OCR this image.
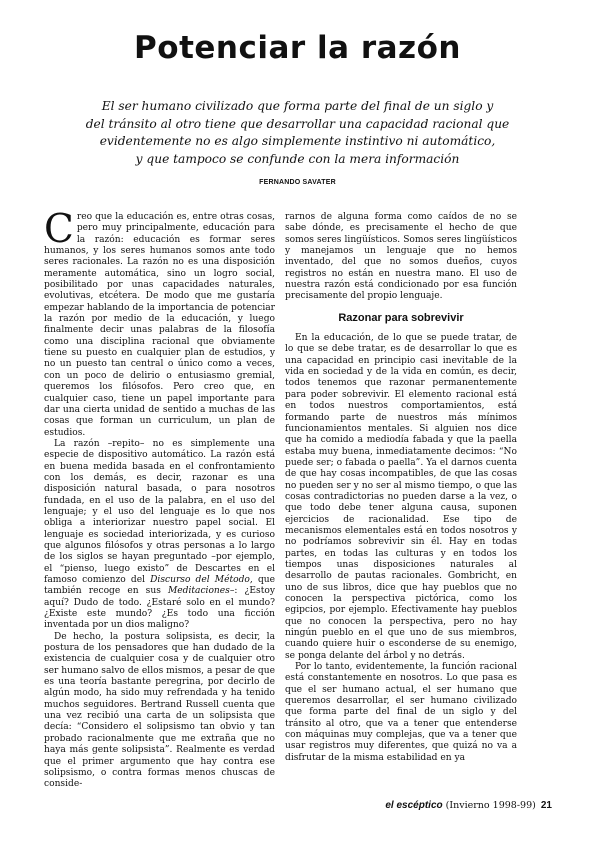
Potenciar la razón
El ser humano civilizado que forma parte del final de un siglo y
del tránsito al otro tiene que desarrollar una capacidad racional que
evidentemente no es algo simplemente instintivo ni automático,
y que tampoco se confunde con la mera información
FERNANDO SAVATER

Creo que la educación es, entre otras cosas, pero muy principalmente, educación para la razón: educación es formar seres humanos, y los seres humanos somos ante todo seres racionales. La razón no es una disposición meramente automática, sino un logro social, posibilitado por unas capacidades naturales, evolutivas, etcétera. De modo que me gustaría empezar hablando de la importancia de potenciar la razón por medio de la educación, y luego finalmente decir unas palabras de la filosofía como una disciplina racional que obviamente tiene su puesto en cualquier plan de estudios, y no un puesto tan central o único como a veces, con un poco de delirio o entusiasmo gremial, queremos los filósofos. Pero creo que, en cualquier caso, tiene un papel importante para dar una cierta unidad de sentido a muchas de las cosas que forman un curriculum, un plan de estudios.

La razón –repito– no es simplemente una especie de dispositivo automático. La razón está en buena medida basada en el confrontamiento con los demás, es decir, razonar es una disposición natural basada, o para nosotros fundada, en el uso de la palabra, en el uso del lenguaje; y el uso del lenguaje es lo que nos obliga a interiorizar nuestro papel social. El lenguaje es sociedad interiorizada, y es curioso que algunos filósofos y otras personas a lo largo de los siglos se hayan preguntado –por ejemplo, el “pienso, luego existo” de Descartes en el famoso comienzo del Discurso del Método, que también recoge en sus Meditaciones–: ¿Estoy aquí? Dudo de todo. ¿Estaré solo en el mundo? ¿Existe este mundo? ¿Es todo una ficción inventada por un dios maligno?

De hecho, la postura solipsista, es decir, la postura de los pensadores que han dudado de la existencia de cualquier cosa y de cualquier otro ser humano salvo de ellos mismos, a pesar de que es una teoría bastante peregrina, por decirlo de algún modo, ha sido muy refrendada y ha tenido muchos seguidores. Bertrand Russell cuenta que una vez recibió una carta de un solipsista que decía: “Considero el solipsismo tan obvio y tan probado racionalmente que me extraña que no haya más gente solipsista”. Realmente es verdad que el primer argumento que hay contra ese solipsismo, o contra formas menos chuscas de conside-

rarnos de alguna forma como caídos de no se sabe dónde, es precisamente el hecho de que somos seres lingüísticos. Somos seres lingüísticos y manejamos un lenguaje que no hemos inventado, del que no somos dueños, cuyos registros no están en nuestra mano. El uso de nuestra razón está condicionado por esa función precisamente del propio lenguaje.

Razonar para sobrevivir

En la educación, de lo que se puede tratar, de lo que se debe tratar, es de desarrollar lo que es una capacidad en principio casi inevitable de la vida en sociedad y de la vida en común, es decir, todos tenemos que razonar permanentemente para poder sobrevivir. El elemento racional está en todos nuestros comportamientos, está formando parte de nuestros más mínimos funcionamientos mentales. Si alguien nos dice que ha comido a mediodía fabada y que la paella estaba muy buena, inmediatamente decimos: “No puede ser; o fabada o paella”. Ya el darnos cuenta de que hay cosas incompatibles, de que las cosas no pueden ser y no ser al mismo tiempo, o que las cosas contradictorias no pueden darse a la vez, o que todo debe tener alguna causa, suponen ejercicios de racionalidad. Ese tipo de mecanismos elementales está en todos nosotros y no podríamos sobrevivir sin él. Hay en todas partes, en todas las culturas y en todos los tiempos unas disposiciones naturales al desarrollo de pautas racionales. Gombricht, en uno de sus libros, dice que hay pueblos que no conocen la perspectiva pictórica, como los egipcios, por ejemplo. Efectivamente hay pueblos que no conocen la perspectiva, pero no hay ningún pueblo en el que uno de sus miembros, cuando quiere huir o esconderse de su enemigo, se ponga delante del árbol y no detrás.

Por lo tanto, evidentemente, la función racional está constantemente en nosotros. Lo que pasa es que el ser humano actual, el ser humano que queremos desarrollar, el ser humano civilizado que forma parte del final de un siglo y del tránsito al otro, que va a tener que entenderse con máquinas muy complejas, que va a tener que usar registros muy diferentes, que quizá no va a disfrutar de la misma estabilidad en ya

el escéptico (Invierno 1998-99) 21
